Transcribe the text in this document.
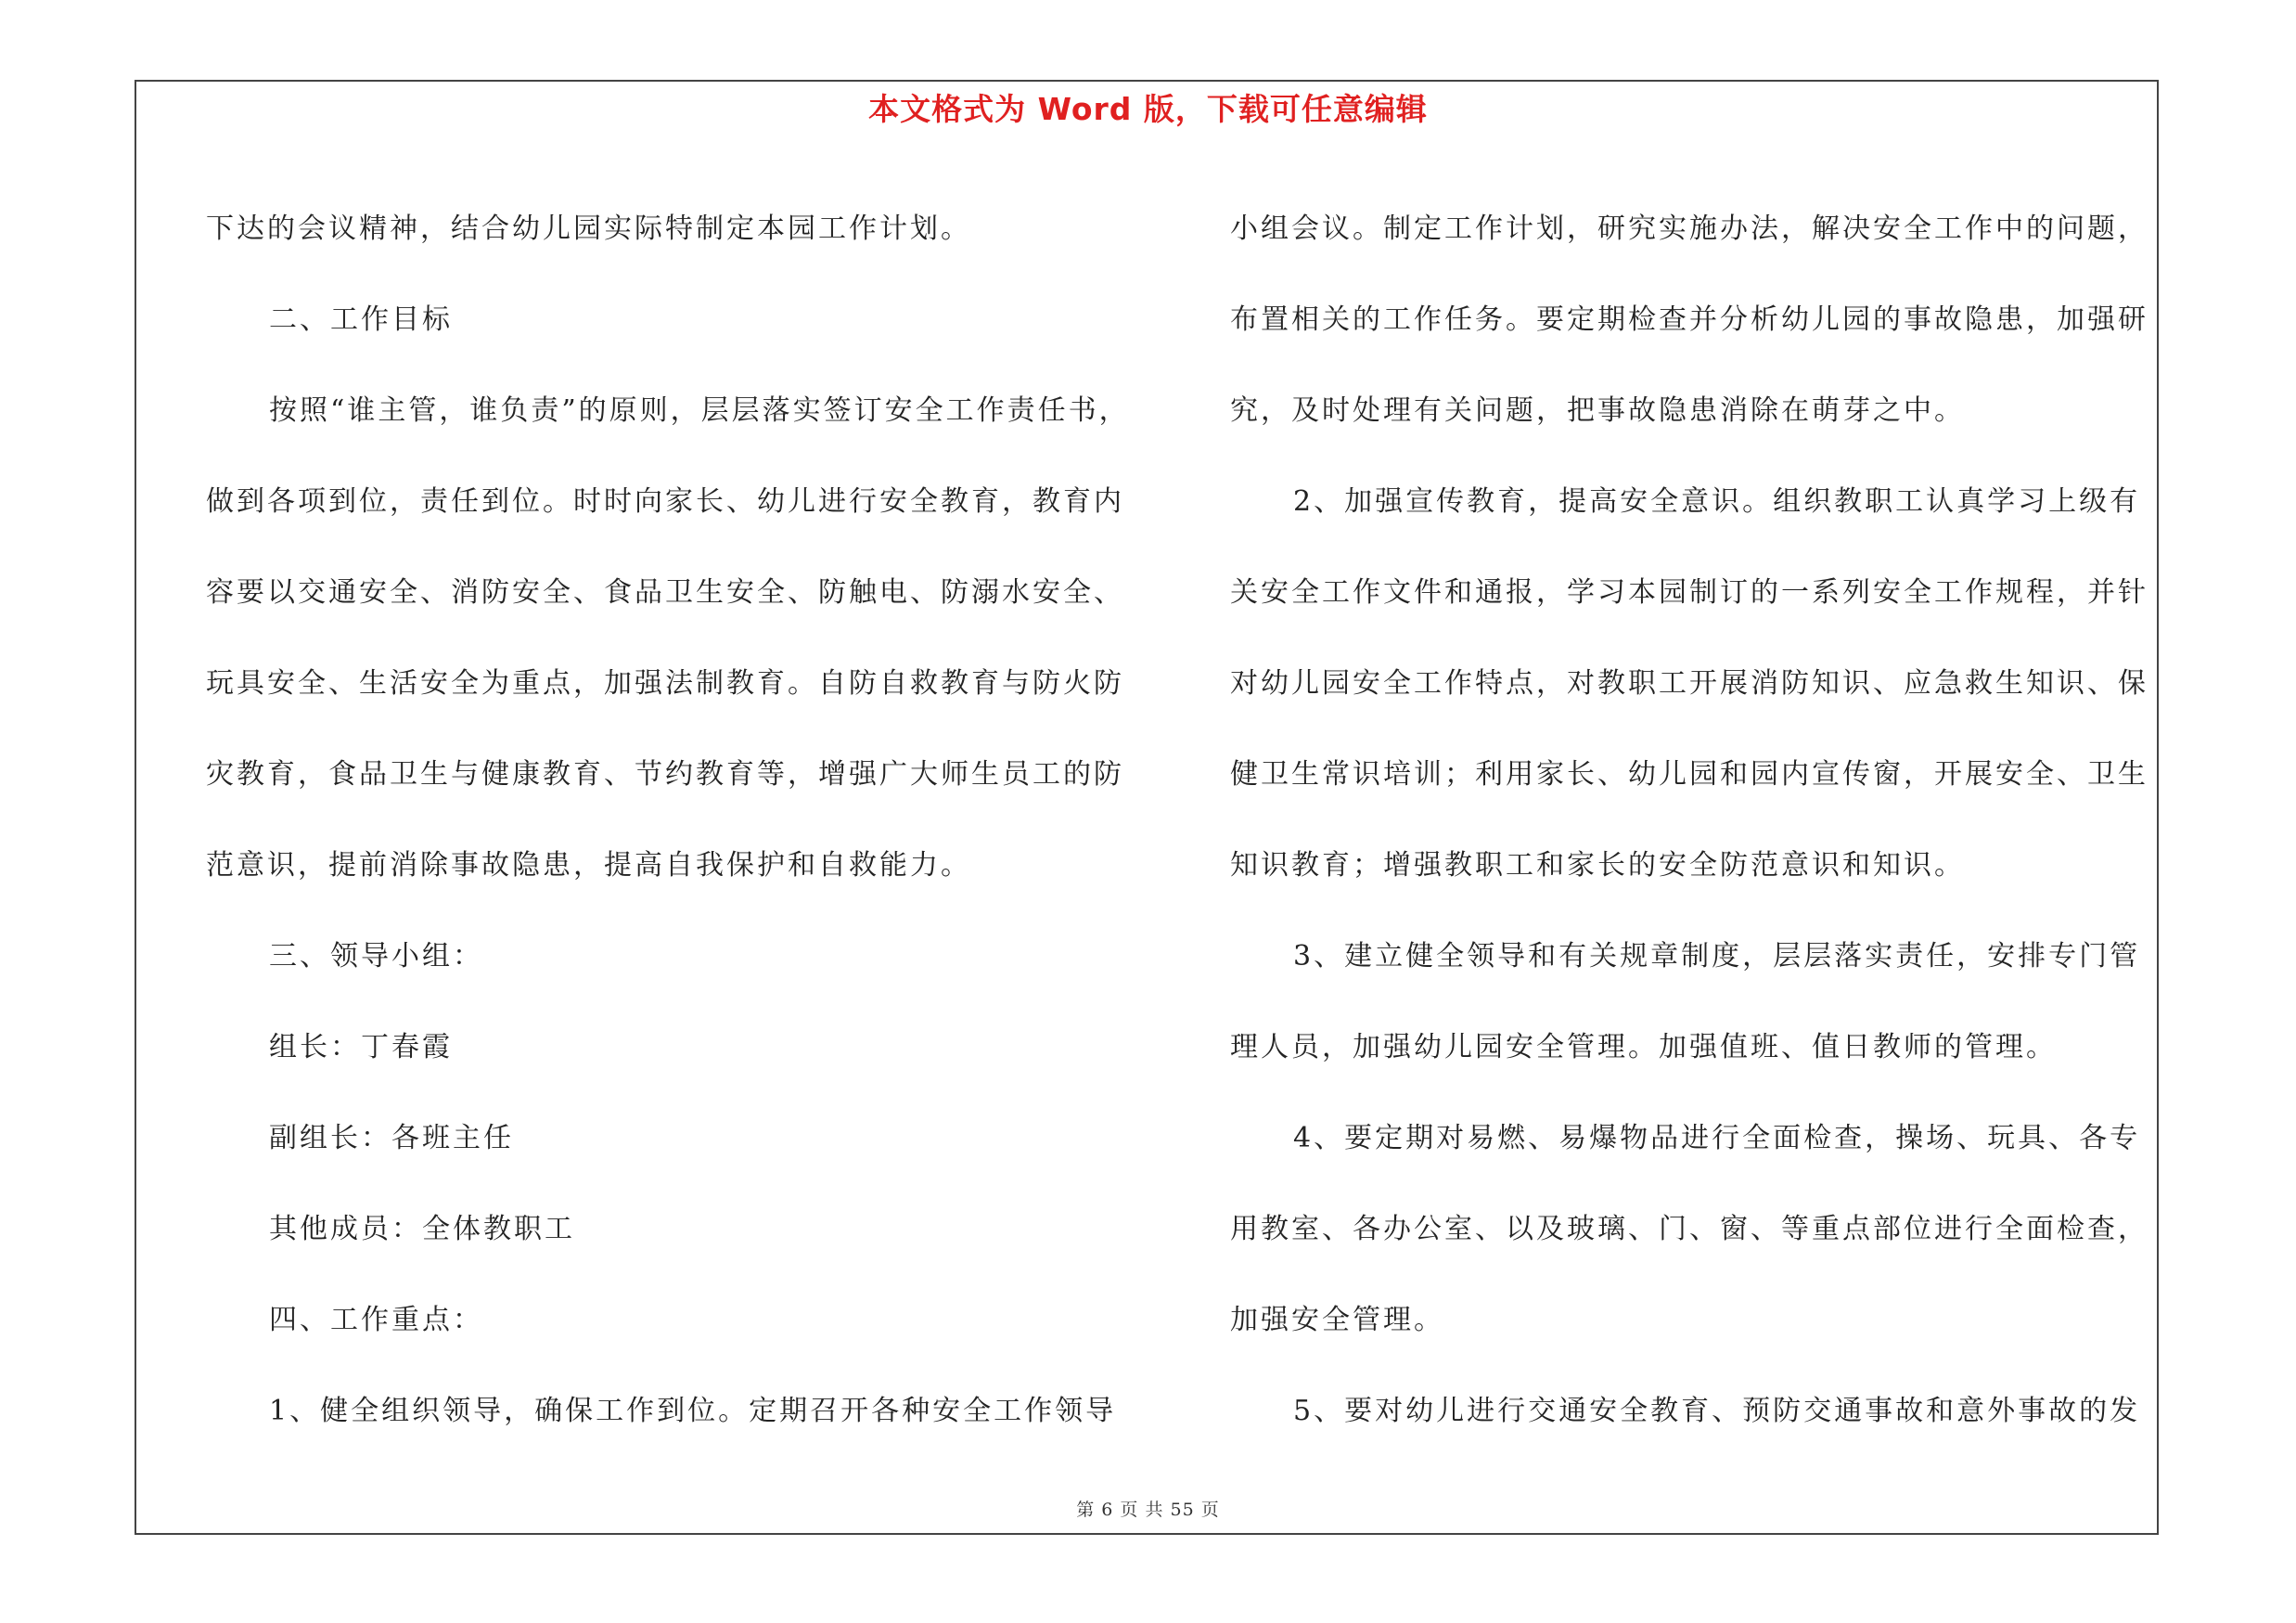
本文格式为 Word 版，下载可任意编辑
下达的会议精神，结合幼儿园实际特制定本园工作计划。
二、工作目标
按照“谁主管，谁负责”的原则，层层落实签订安全工作责任书，
做到各项到位，责任到位。时时向家长、幼儿进行安全教育，教育内
容要以交通安全、消防安全、食品卫生安全、防触电、防溺水安全、
玩具安全、生活安全为重点，加强法制教育。自防自救教育与防火防
灾教育，食品卫生与健康教育、节约教育等，增强广大师生员工的防
范意识，提前消除事故隐患，提高自我保护和自救能力。
三、领导小组：
组长：丁春霞
副组长：各班主任
其他成员：全体教职工
四、工作重点：
1、健全组织领导，确保工作到位。定期召开各种安全工作领导
小组会议。制定工作计划，研究实施办法，解决安全工作中的问题，
布置相关的工作任务。要定期检查并分析幼儿园的事故隐患，加强研
究，及时处理有关问题，把事故隐患消除在萌芽之中。
2、加强宣传教育，提高安全意识。组织教职工认真学习上级有
关安全工作文件和通报，学习本园制订的一系列安全工作规程，并针
对幼儿园安全工作特点，对教职工开展消防知识、应急救生知识、保
健卫生常识培训；利用家长、幼儿园和园内宣传窗，开展安全、卫生
知识教育；增强教职工和家长的安全防范意识和知识。
3、建立健全领导和有关规章制度，层层落实责任，安排专门管
理人员，加强幼儿园安全管理。加强值班、值日教师的管理。
4、要定期对易燃、易爆物品进行全面检查，操场、玩具、各专
用教室、各办公室、以及玻璃、门、窗、等重点部位进行全面检查，
加强安全管理。
5、要对幼儿进行交通安全教育、预防交通事故和意外事故的发
第 6 页 共 55 页
